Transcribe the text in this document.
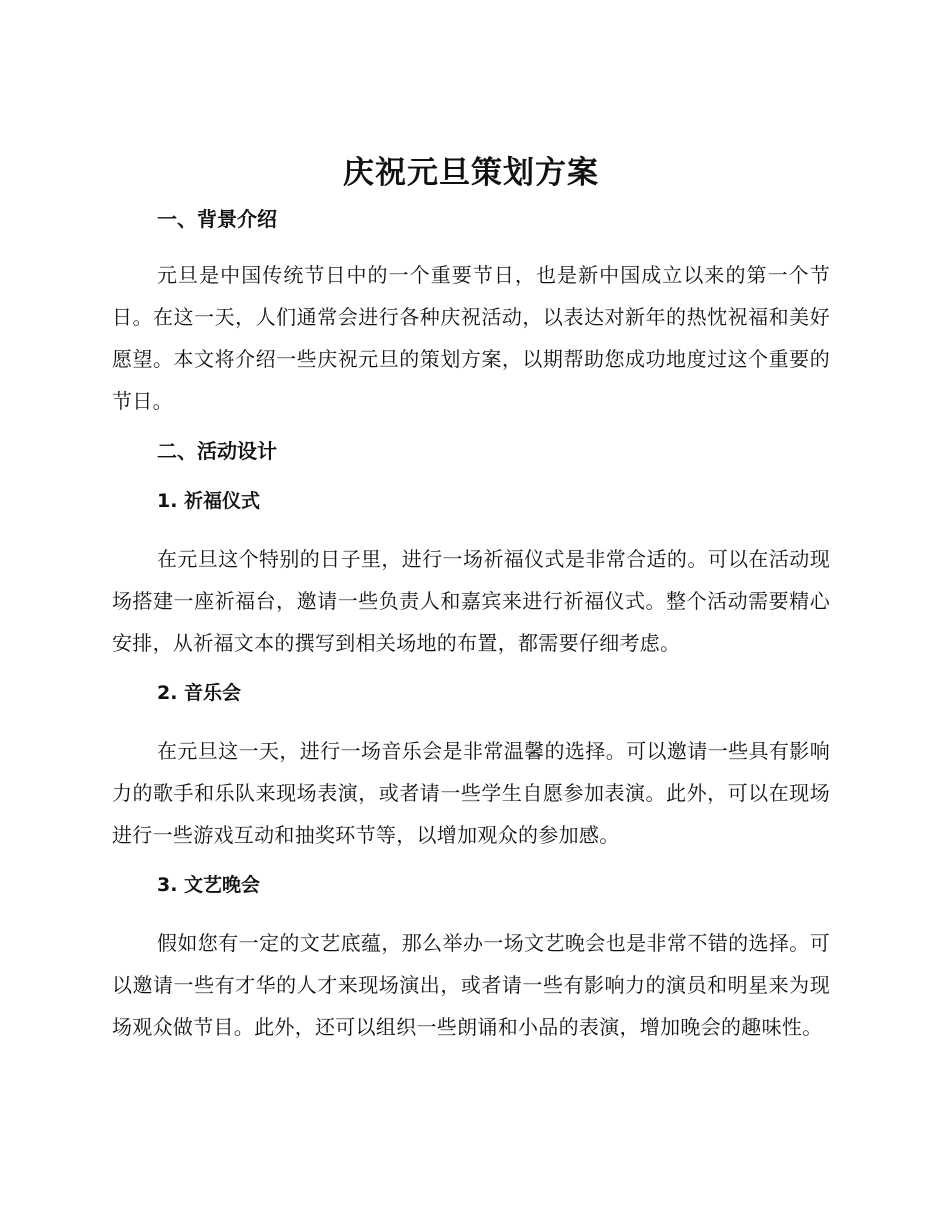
庆祝元旦策划方案
一、背景介绍

元旦是中国传统节日中的一个重要节日，也是新中国成立以来的第一个节日。在这一天，人们通常会进行各种庆祝活动，以表达对新年的热忱祝福和美好愿望。本文将介绍一些庆祝元旦的策划方案，以期帮助您成功地度过这个重要的节日。

二、活动设计
1. 祈福仪式

在元旦这个特别的日子里，进行一场祈福仪式是非常合适的。可以在活动现场搭建一座祈福台，邀请一些负责人和嘉宾来进行祈福仪式。整个活动需要精心安排，从祈福文本的撰写到相关场地的布置，都需要仔细考虑。

2. 音乐会

在元旦这一天，进行一场音乐会是非常温馨的选择。可以邀请一些具有影响力的歌手和乐队来现场表演，或者请一些学生自愿参加表演。此外，可以在现场进行一些游戏互动和抽奖环节等，以增加观众的参加感。

3. 文艺晚会

假如您有一定的文艺底蕴，那么举办一场文艺晚会也是非常不错的选择。可以邀请一些有才华的人才来现场演出，或者请一些有影响力的演员和明星来为现场观众做节目。此外，还可以组织一些朗诵和小品的表演，增加晚会的趣味性。
